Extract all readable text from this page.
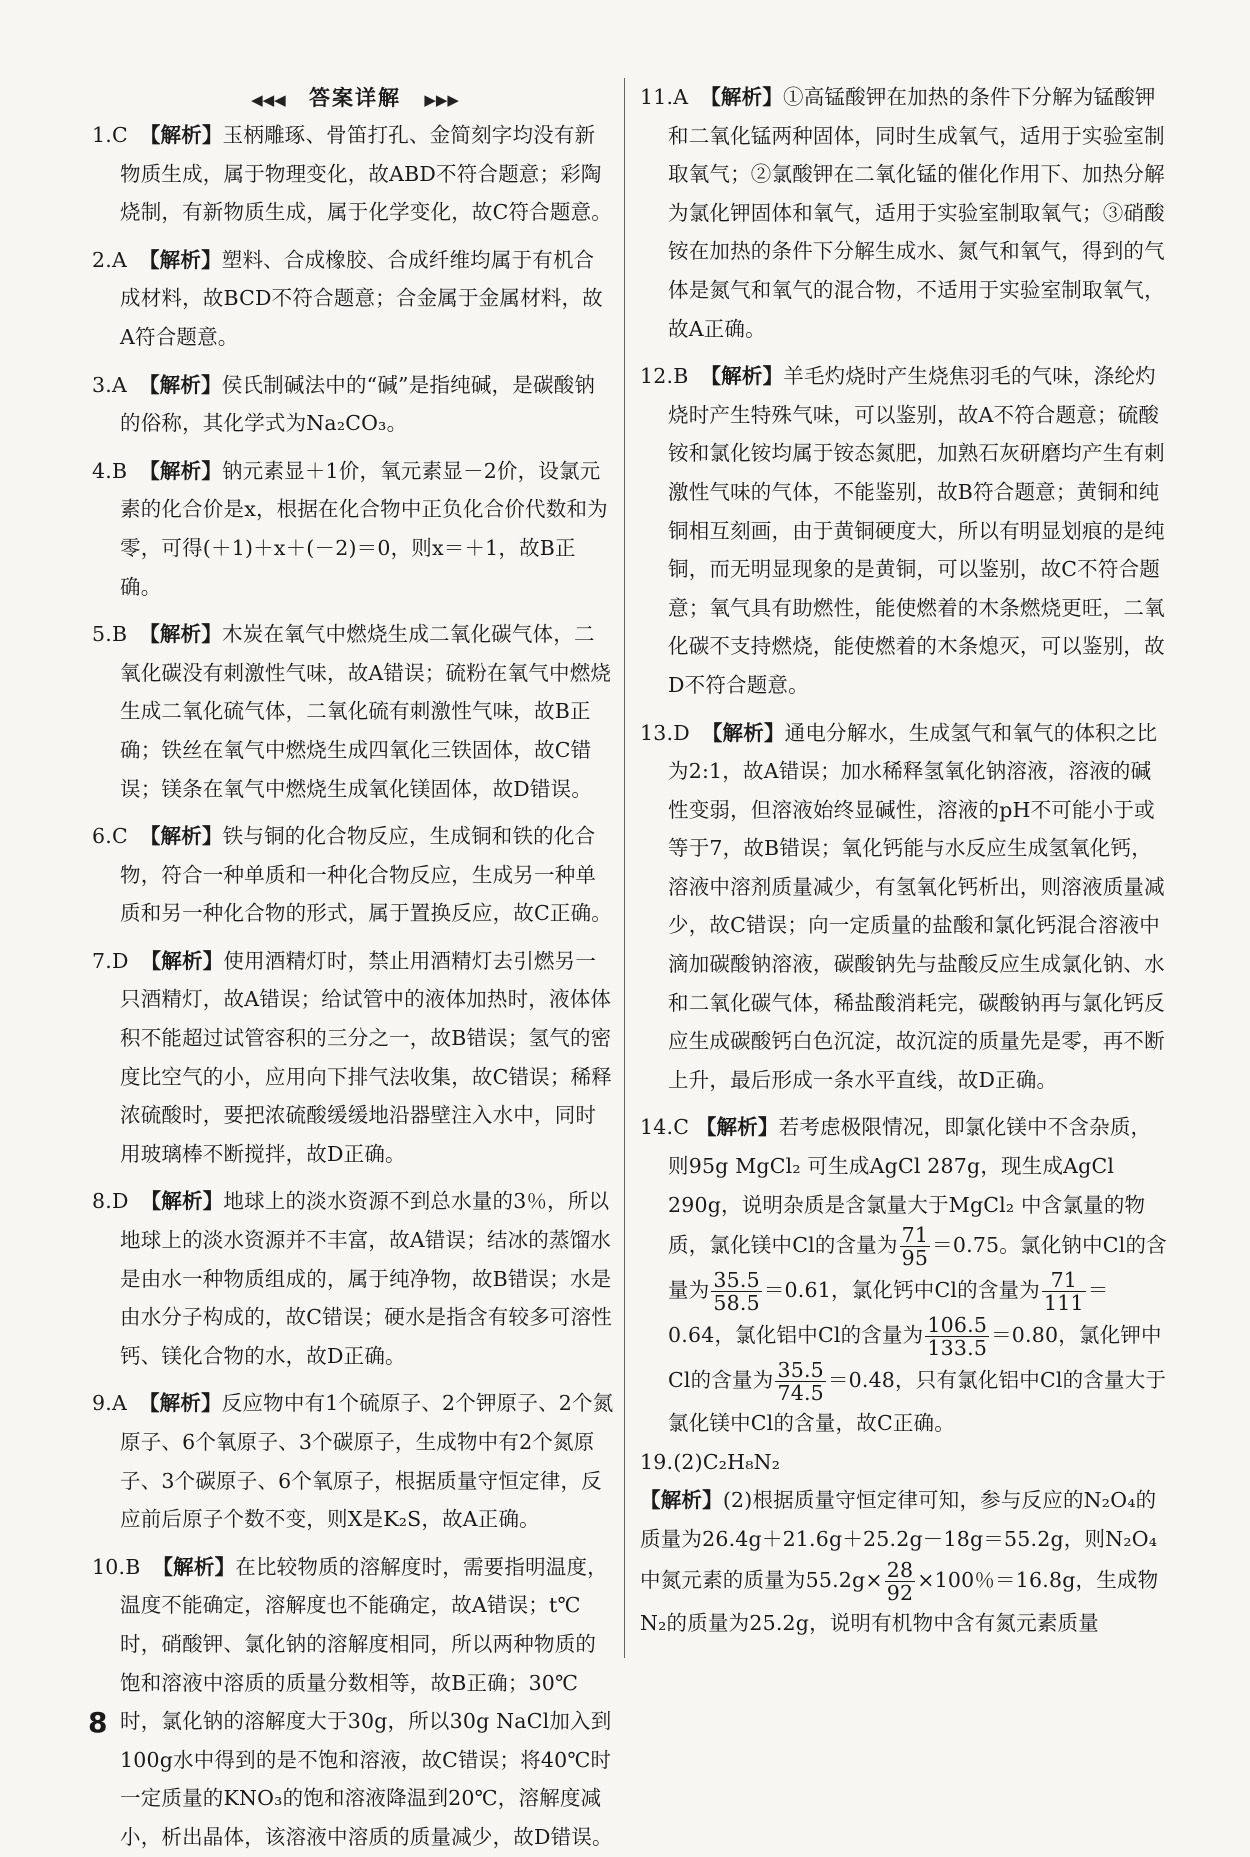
◀◀◀ 答案详解 ▶▶▶
1.C 【解析】玉柄雕琢、骨笛打孔、金简刻字均没有新物质生成，属于物理变化，故ABD不符合题意；彩陶烧制，有新物质生成，属于化学变化，故C符合题意。
2.A 【解析】塑料、合成橡胶、合成纤维均属于有机合成材料，故BCD不符合题意；合金属于金属材料，故A符合题意。
3.A 【解析】侯氏制碱法中的“碱”是指纯碱，是碳酸钠的俗称，其化学式为Na₂CO₃。
4.B 【解析】钠元素显＋1价，氧元素显－2价，设氯元素的化合价是x，根据在化合物中正负化合价代数和为零，可得(＋1)＋x＋(－2)＝0，则x＝＋1，故B正确。
5.B 【解析】木炭在氧气中燃烧生成二氧化碳气体，二氧化碳没有刺激性气味，故A错误；硫粉在氧气中燃烧生成二氧化硫气体，二氧化硫有刺激性气味，故B正确；铁丝在氧气中燃烧生成四氧化三铁固体，故C错误；镁条在氧气中燃烧生成氧化镁固体，故D错误。
6.C 【解析】铁与铜的化合物反应，生成铜和铁的化合物，符合一种单质和一种化合物反应，生成另一种单质和另一种化合物的形式，属于置换反应，故C正确。
7.D 【解析】使用酒精灯时，禁止用酒精灯去引燃另一只酒精灯，故A错误；给试管中的液体加热时，液体体积不能超过试管容积的三分之一，故B错误；氢气的密度比空气的小，应用向下排气法收集，故C错误；稀释浓硫酸时，要把浓硫酸缓缓地沿器壁注入水中，同时用玻璃棒不断搅拌，故D正确。
8.D 【解析】地球上的淡水资源不到总水量的3％，所以地球上的淡水资源并不丰富，故A错误；结冰的蒸馏水是由水一种物质组成的，属于纯净物，故B错误；水是由水分子构成的，故C错误；硬水是指含有较多可溶性钙、镁化合物的水，故D正确。
9.A 【解析】反应物中有1个硫原子、2个钾原子、2个氮原子、6个氧原子、3个碳原子，生成物中有2个氮原子、3个碳原子、6个氧原子，根据质量守恒定律，反应前后原子个数不变，则X是K₂S，故A正确。
10.B 【解析】在比较物质的溶解度时，需要指明温度，温度不能确定，溶解度也不能确定，故A错误；t℃时，硝酸钾、氯化钠的溶解度相同，所以两种物质的饱和溶液中溶质的质量分数相等，故B正确；30℃时，氯化钠的溶解度大于30g，所以30g NaCl加入到100g水中得到的是不饱和溶液，故C错误；将40℃时一定质量的KNO₃的饱和溶液降温到20℃，溶解度减小，析出晶体，该溶液中溶质的质量减少，故D错误。
11.A 【解析】①高锰酸钾在加热的条件下分解为锰酸钾和二氧化锰两种固体，同时生成氧气，适用于实验室制取氧气；②氯酸钾在二氧化锰的催化作用下、加热分解为氯化钾固体和氧气，适用于实验室制取氧气；③硝酸铵在加热的条件下分解生成水、氮气和氧气，得到的气体是氮气和氧气的混合物，不适用于实验室制取氧气，故A正确。
12.B 【解析】羊毛灼烧时产生烧焦羽毛的气味，涤纶灼烧时产生特殊气味，可以鉴别，故A不符合题意；硫酸铵和氯化铵均属于铵态氮肥，加熟石灰研磨均产生有刺激性气味的气体，不能鉴别，故B符合题意；黄铜和纯铜相互刻画，由于黄铜硬度大，所以有明显划痕的是纯铜，而无明显现象的是黄铜，可以鉴别，故C不符合题意；氧气具有助燃性，能使燃着的木条燃烧更旺，二氧化碳不支持燃烧，能使燃着的木条熄灭，可以鉴别，故D不符合题意。
13.D 【解析】通电分解水，生成氢气和氧气的体积之比为2:1，故A错误；加水稀释氢氧化钠溶液，溶液的碱性变弱，但溶液始终显碱性，溶液的pH不可能小于或等于7，故B错误；氧化钙能与水反应生成氢氧化钙，溶液中溶剂质量减少，有氢氧化钙析出，则溶液质量减少，故C错误；向一定质量的盐酸和氯化钙混合溶液中滴加碳酸钠溶液，碳酸钠先与盐酸反应生成氯化钠、水和二氧化碳气体，稀盐酸消耗完，碳酸钠再与氯化钙反应生成碳酸钙白色沉淀，故沉淀的质量先是零，再不断上升，最后形成一条水平直线，故D正确。
14.C 【解析】若考虑极限情况，即氯化镁中不含杂质，则95g MgCl₂ 可生成AgCl 287g，现生成AgCl 290g，说明杂质是含氯量大于MgCl₂ 中含氯量的物质，氯化镁中Cl的含量为 $\frac{71}{95} =0.75$。氯化钠中Cl的含量为 $\frac{35.5}{58.5} =0.61$，氯化钙中Cl的含量为 $\frac{71}{111} =0.64$，氯化铝中Cl的含量为 $\frac{106.5}{133.5} =0.80$，氯化钾中Cl的含量为 $\frac{35.5}{74.5} =0.48$，只有氯化铝中Cl的含量大于氯化镁中Cl的含量，故C正确。
19.(2)C₂H₈N₂
【解析】(2)根据质量守恒定律可知，参与反应的N₂O₄的质量为26.4g＋21.6g＋25.2g－18g＝55.2g，则N₂O₄中氮元素的质量为$55.2g\times \frac{28}{92} \times 100$％＝16.8g，生成物N₂的质量为25.2g，说明有机物中含有氮元素质量
8
